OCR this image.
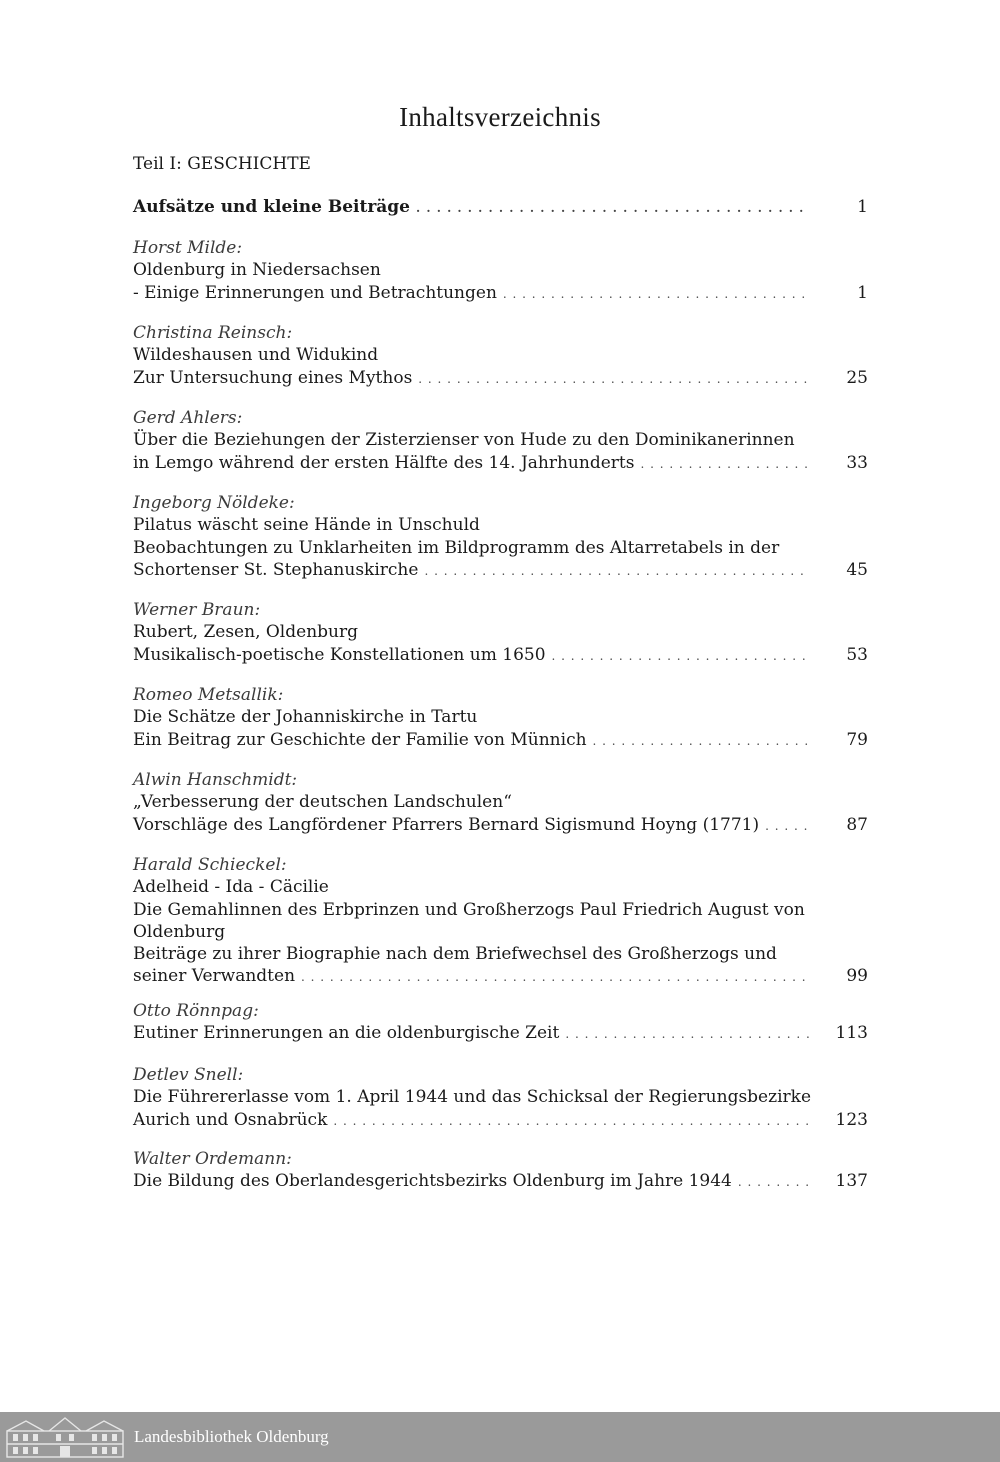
Inhaltsverzeichnis
Teil I: GESCHICHTE
Aufsätze und kleine Beiträge . . .	1
Horst Milde:
Oldenburg in Niedersachsen
- Einige Erinnerungen und Betrachtungen . . .	1
Christina Reinsch:
Wildeshausen und Widukind
Zur Untersuchung eines Mythos . . .	25
Gerd Ahlers:
Über die Beziehungen der Zisterzienser von Hude zu den Dominikanerinnen
in Lemgo während der ersten Hälfte des 14. Jahrhunderts . . .	33
Ingeborg Nöldeke:
Pilatus wäscht seine Hände in Unschuld
Beobachtungen zu Unklarheiten im Bildprogramm des Altarretabels in der
Schortenser St. Stephanuskirche . . .	45
Werner Braun:
Rubert, Zesen, Oldenburg
Musikalisch-poetische Konstellationen um 1650 . . .	53
Romeo Metsallik:
Die Schätze der Johanniskirche in Tartu
Ein Beitrag zur Geschichte der Familie von Münnich . . .	79
Alwin Hanschmidt:
„Verbesserung der deutschen Landschulen“
Vorschläge des Langfördener Pfarrers Bernard Sigismund Hoyng (1771) . . .	87
Harald Schieckel:
Adelheid - Ida - Cäcilie
Die Gemahlinnen des Erbprinzen und Großherzogs Paul Friedrich August von
Oldenburg
Beiträge zu ihrer Biographie nach dem Briefwechsel des Großherzogs und
seiner Verwandten . . .	99
Otto Rönnpag:
Eutiner Erinnerungen an die oldenburgische Zeit . . .	113
Detlev Snell:
Die Führererlasse vom 1. April 1944 und das Schicksal der Regierungsbezirke
Aurich und Osnabrück . . .	123
Walter Ordemann:
Die Bildung des Oberlandesgerichtsbezirks Oldenburg im Jahre 1944 . . .	137
Landesbibliothek Oldenburg
